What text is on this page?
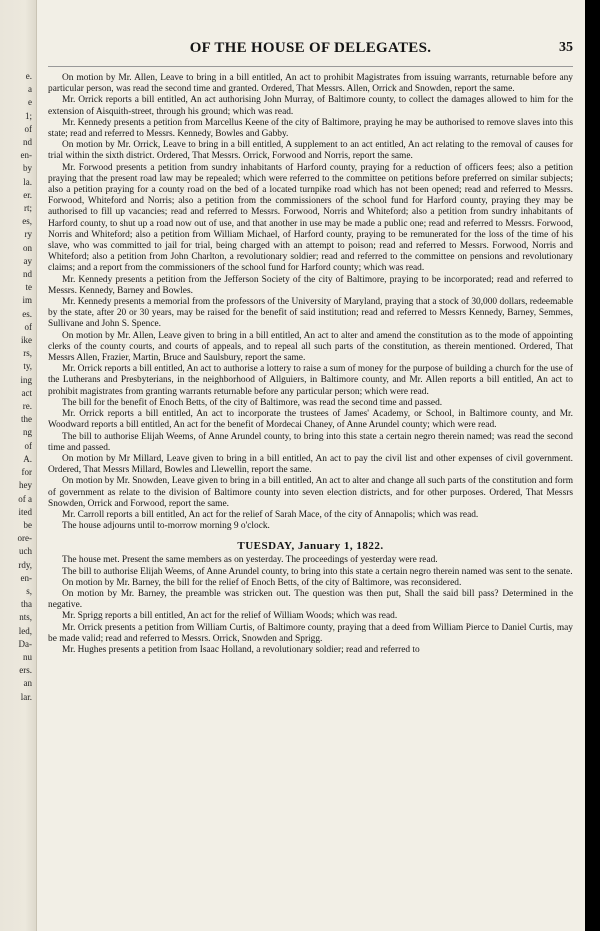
e.
a
e
1;
of
nd
en-
by
la.
er.
rt;
es,
ry
on
ay
nd
te
im
es.
of
ike
rs,
ty,
ing
act
re.
the
ng
of
A.
for
hey
of a
ited
be
ore-
uch
rdy,
en-
s,
tha
nts,
led,
Da-
nu
ers.
an
lar.
OF THE HOUSE OF DELEGATES.	35

On motion by Mr. Allen, Leave to bring in a bill entitled, An act to prohibit Magistrates from issuing warrants, returnable before any particular person, was read the second time and granted. Ordered, That Messrs. Allen, Orrick and Snowden, report the same.

Mr. Orrick reports a bill entitled, An act authorising John Murray, of Baltimore county, to collect the damages allowed to him for the extension of Aisquith-street, through his ground; which was read.

Mr. Kennedy presents a petition from Marcellus Keene of the city of Baltimore, praying he may be authorised to remove slaves into this state; read and referred to Messrs. Kennedy, Bowles and Gabby.

On motion by Mr. Orrick, Leave to bring in a bill entitled, A supplement to an act entitled, An act relating to the removal of causes for trial within the sixth district. Ordered, That Messrs. Orrick, Forwood and Norris, report the same.

Mr. Forwood presents a petition from sundry inhabitants of Harford county, praying for a reduction of officers fees; also a petition praying that the present road law may be repealed; which were referred to the committee on petitions before preferred on similar subjects; also a petition praying for a county road on the bed of a located turnpike road which has not been opened; read and referred to Messrs. Forwood, Whiteford and Norris; also a petition from the commissioners of the school fund for Harford county, praying they may be authorised to fill up vacancies; read and referred to Messrs. Forwood, Norris and Whiteford; also a petition from sundry inhabitants of Harford county, to shut up a road now out of use, and that another in use may be made a public one; read and referred to Messrs. Forwood, Norris and Whiteford; also a petition from William Michael, of Harford county, praying to be remunerated for the loss of the time of his slave, who was committed to jail for trial, being charged with an attempt to poison; read and referred to Messrs. Forwood, Norris and Whiteford; also a petition from John Charlton, a revolutionary soldier; read and referred to the committee on pensions and revolutionary claims; and a report from the commissioners of the school fund for Harford county; which was read.

Mr. Kennedy presents a petition from the Jefferson Society of the city of Baltimore, praying to be incorporated; read and referred to Messrs. Kennedy, Barney and Bowles.

Mr. Kennedy presents a memorial from the professors of the University of Maryland, praying that a stock of 30,000 dollars, redeemable by the state, after 20 or 30 years, may be raised for the benefit of said institution; read and referred to Messrs Kennedy, Barney, Semmes, Sullivane and John S. Spence.

On motion by Mr. Allen, Leave given to bring in a bill entitled, An act to alter and amend the constitution as to the mode of appointing clerks of the county courts, and courts of appeals, and to repeal all such parts of the constitution, as therein mentioned. Ordered, That Messrs Allen, Frazier, Martin, Bruce and Saulsbury, report the same.

Mr. Orrick reports a bill entitled, An act to authorise a lottery to raise a sum of money for the purpose of building a church for the use of the Lutherans and Presbyterians, in the neighborhood of Allguiers, in Baltimore county, and Mr. Allen reports a bill entitled, An act to prohibit magistrates from granting warrants returnable before any particular person; which were read.

The bill for the benefit of Enoch Betts, of the city of Baltimore, was read the second time and passed.

Mr. Orrick reports a bill entitled, An act to incorporate the trustees of James' Academy, or School, in Baltimore county, and Mr. Woodward reports a bill entitled, An act for the benefit of Mordecai Chaney, of Anne Arundel county; which were read.

The bill to authorise Elijah Weems, of Anne Arundel county, to bring into this state a certain negro therein named; was read the second time and passed.

On motion by Mr Millard, Leave given to bring in a bill entitled, An act to pay the civil list and other expenses of civil government. Ordered, That Messrs Millard, Bowles and Llewellin, report the same.

On motion by Mr. Snowden, Leave given to bring in a bill entitled, An act to alter and change all such parts of the constitution and form of government as relate to the division of Baltimore county into seven election districts, and for other purposes. Ordered, That Messrs Snowden, Orrick and Forwood, report the same.

Mr. Carroll reports a bill entitled, An act for the relief of Sarah Mace, of the city of Annapolis; which was read.

The house adjourns until to-morrow morning 9 o'clock.

TUESDAY, January 1, 1822.

The house met. Present the same members as on yesterday. The proceedings of yesterday were read.

The bill to authorise Elijah Weems, of Anne Arundel county, to bring into this state a certain negro therein named was sent to the senate.

On motion by Mr. Barney, the bill for the relief of Enoch Betts, of the city of Baltimore, was reconsidered.

On motion by Mr. Barney, the preamble was stricken out. The question was then put, Shall the said bill pass? Determined in the negative.

Mr. Sprigg reports a bill entitled, An act for the relief of William Woods; which was read.

Mr. Orrick presents a petition from William Curtis, of Baltimore county, praying that a deed from William Pierce to Daniel Curtis, may be made valid; read and referred to Messrs. Orrick, Snowden and Sprigg.

Mr. Hughes presents a petition from Isaac Holland, a revolutionary soldier; read and referred to
